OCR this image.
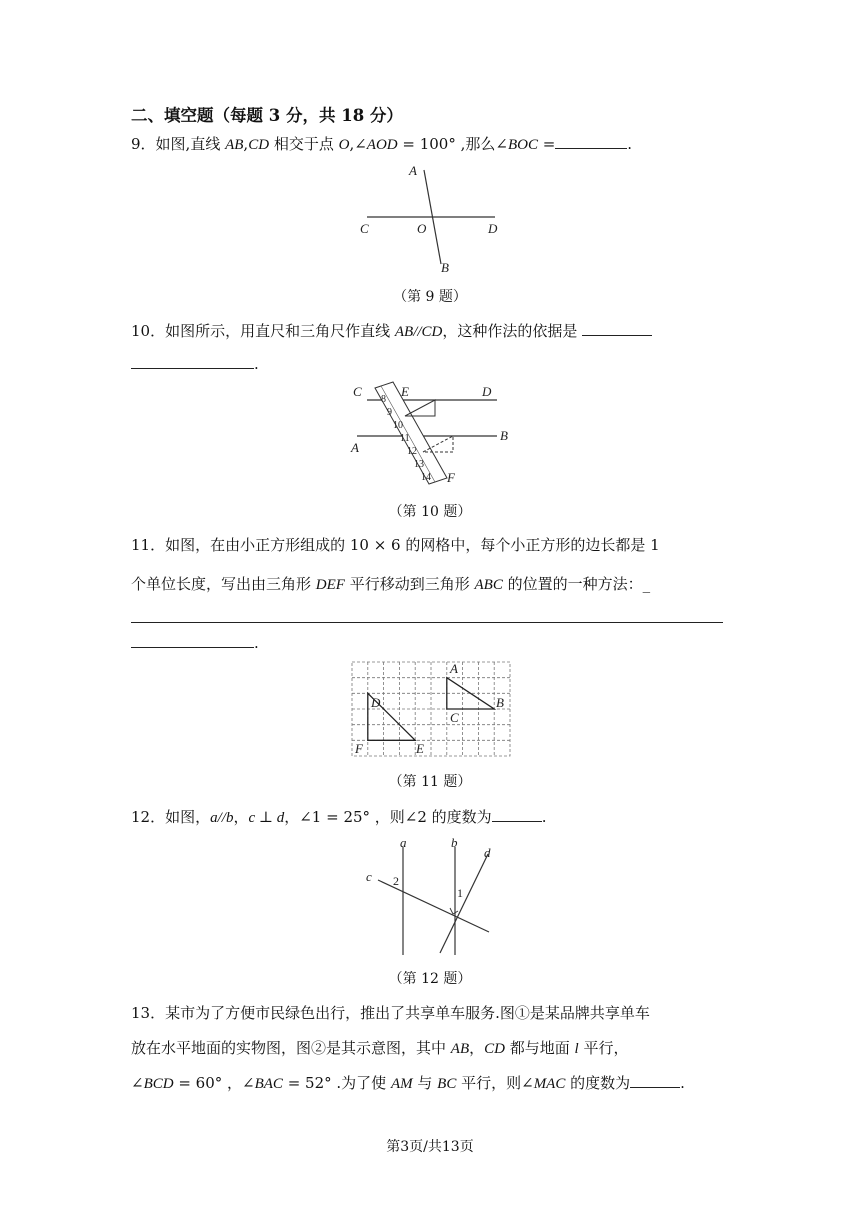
二、填空题（每题 3 分，共 18 分）
9．如图,直线 AB,CD 相交于点 O,∠AOD = 100° ,那么∠BOC =	.
A
C	O	D
B
（第 9 题）
10．如图所示，用直尺和三角尺作直线 AB//CD，这种作法的依据是
.
8
9
10
11
12
13
14
C	E	D
A
B
F
（第 10 题）
11．如图，在由小正方形组成的 10 × 6 的网格中，每个小正方形的边长都是 1
个单位长度，写出由三角形 DEF 平行移动到三角形 ABC 的位置的一种方法：_
.
A
B
C
D
E
F
（第 11 题）
12．如图，a//b，c ⊥ d，∠1 = 25° ，则∠2 的度数为	.
a	b
c
d
2
1
（第 12 题）
13．某市为了方便市民绿色出行，推出了共享单车服务.图①是某品牌共享单车
放在水平地面的实物图，图②是其示意图，其中 AB，CD 都与地面 l 平行，
∠BCD = 60° ，∠BAC = 52° .为了使 AM 与 BC 平行，则∠MAC 的度数为	.
第3页/共13页
